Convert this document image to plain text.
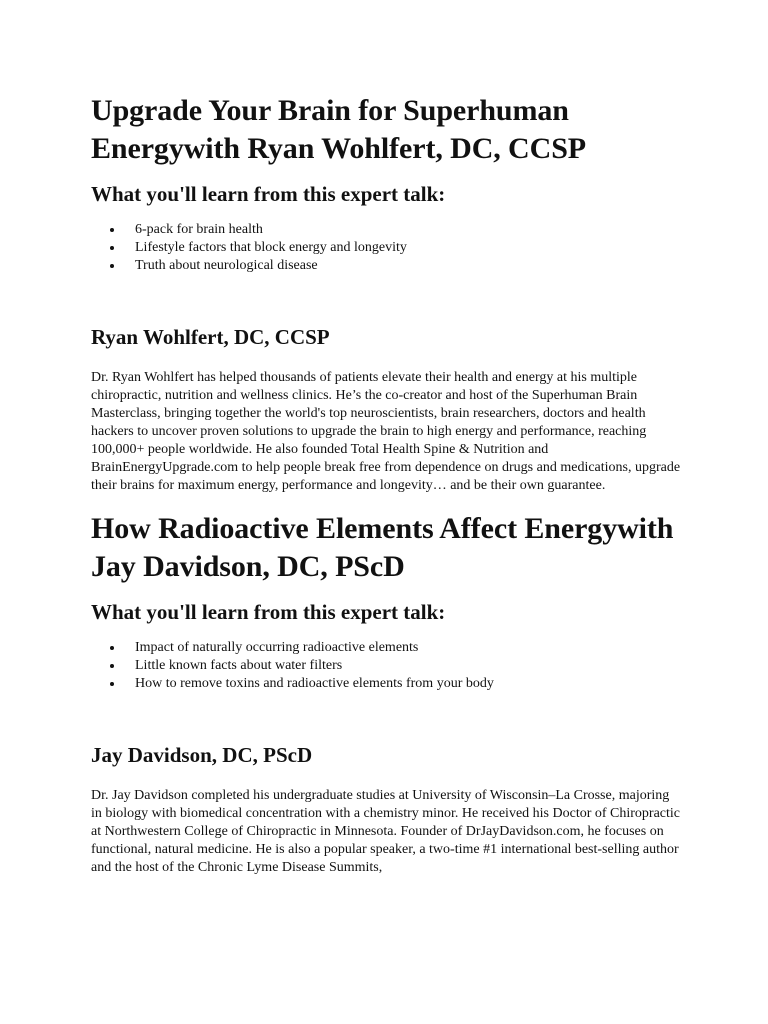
Upgrade Your Brain for Superhuman Energywith Ryan Wohlfert, DC, CCSP
What you'll learn from this expert talk:
6-pack for brain health
Lifestyle factors that block energy and longevity
Truth about neurological disease
Ryan Wohlfert, DC, CCSP

Dr. Ryan Wohlfert has helped thousands of patients elevate their health and energy at his multiple chiropractic, nutrition and wellness clinics. He’s the co-creator and host of the Superhuman Brain Masterclass, bringing together the world's top neuroscientists, brain researchers, doctors and health hackers to uncover proven solutions to upgrade the brain to high energy and performance, reaching 100,000+ people worldwide. He also founded Total Health Spine & Nutrition and BrainEnergyUpgrade.com to help people break free from dependence on drugs and medications, upgrade their brains for maximum energy, performance and longevity… and be their own guarantee.

How Radioactive Elements Affect Energywith Jay Davidson, DC, PScD
What you'll learn from this expert talk:
Impact of naturally occurring radioactive elements
Little known facts about water filters
How to remove toxins and radioactive elements from your body
Jay Davidson, DC, PScD

Dr. Jay Davidson completed his undergraduate studies at University of Wisconsin–La Crosse, majoring in biology with biomedical concentration with a chemistry minor. He received his Doctor of Chiropractic at Northwestern College of Chiropractic in Minnesota. Founder of DrJayDavidson.com, he focuses on functional, natural medicine. He is also a popular speaker, a two-time #1 international best-selling author and the host of the Chronic Lyme Disease Summits,
